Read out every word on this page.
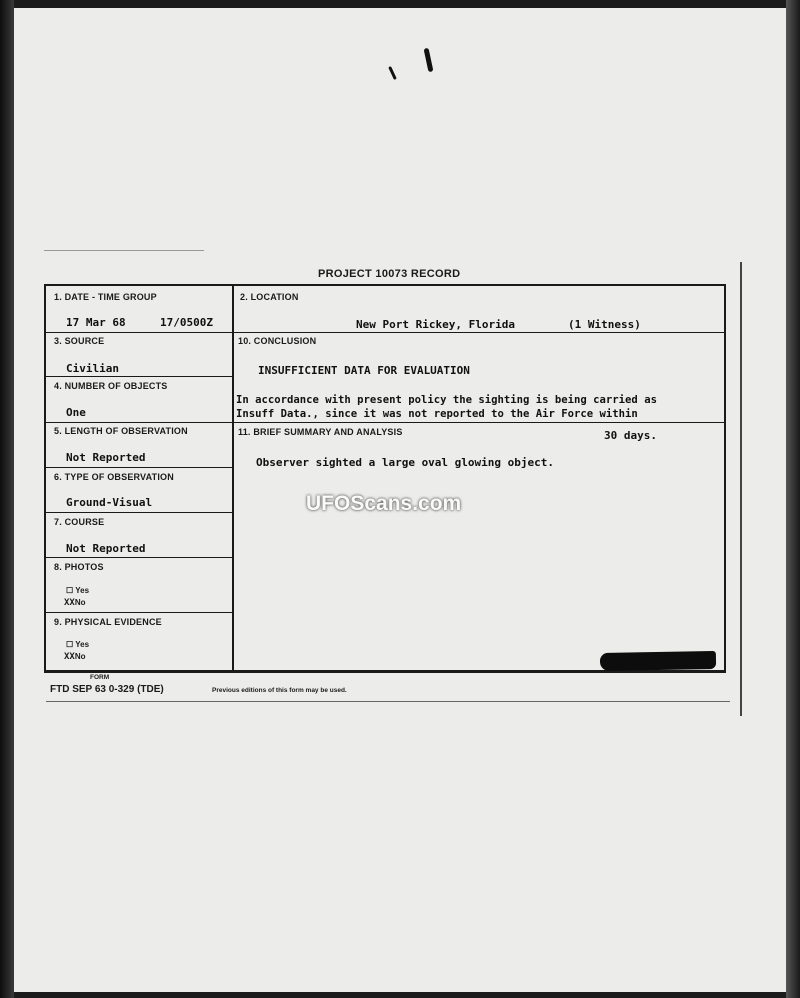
PROJECT 10073 RECORD
1. DATE - TIME GROUP
17 Mar 68	17/0500Z
3. SOURCE
Civilian
4. NUMBER OF OBJECTS
One
5. LENGTH OF OBSERVATION
Not Reported
6. TYPE OF OBSERVATION
Ground-Visual
7. COURSE
Not Reported
8. PHOTOS
☐ Yes
XXNo
9. PHYSICAL EVIDENCE
☐ Yes
XXNo
2. LOCATION
New Port Rickey, Florida	(1 Witness)
10. CONCLUSION
INSUFFICIENT DATA FOR EVALUATION
In accordance with present policy the sighting is being carried as
Insuff Data., since it was not reported to the Air Force within
11. BRIEF SUMMARY AND ANALYSIS	30 days.
Observer sighted a large oval glowing object.
FORM
FTD SEP 63 0-329 (TDE)	Previous editions of this form may be used.
UFOScans.com
